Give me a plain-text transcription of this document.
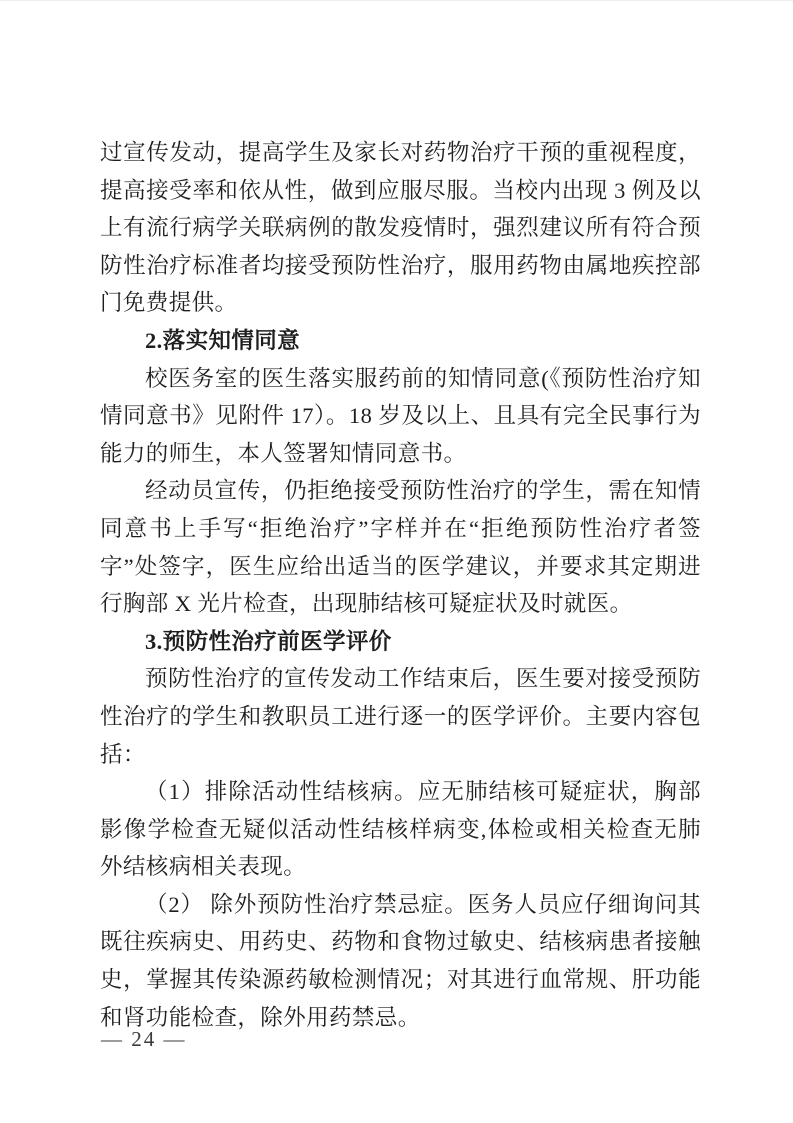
过宣传发动，提高学生及家长对药物治疗干预的重视程度，提高接受率和依从性，做到应服尽服。当校内出现 3 例及以上有流行病学关联病例的散发疫情时，强烈建议所有符合预防性治疗标准者均接受预防性治疗，服用药物由属地疾控部门免费提供。

2.落实知情同意

校医务室的医生落实服药前的知情同意(《预防性治疗知情同意书》见附件 17）。18 岁及以上、且具有完全民事行为能力的师生，本人签署知情同意书。

经动员宣传，仍拒绝接受预防性治疗的学生，需在知情同意书上手写“拒绝治疗”字样并在“拒绝预防性治疗者签字”处签字，医生应给出适当的医学建议，并要求其定期进行胸部 X 光片检查，出现肺结核可疑症状及时就医。

3.预防性治疗前医学评价

预防性治疗的宣传发动工作结束后，医生要对接受预防性治疗的学生和教职员工进行逐一的医学评价。主要内容包括：

（1）排除活动性结核病。应无肺结核可疑症状，胸部影像学检查无疑似活动性结核样病变,体检或相关检查无肺外结核病相关表现。

（2） 除外预防性治疗禁忌症。医务人员应仔细询问其既往疾病史、用药史、药物和食物过敏史、结核病患者接触史，掌握其传染源药敏检测情况；对其进行血常规、肝功能和肾功能检查，除外用药禁忌。

— 24 —
